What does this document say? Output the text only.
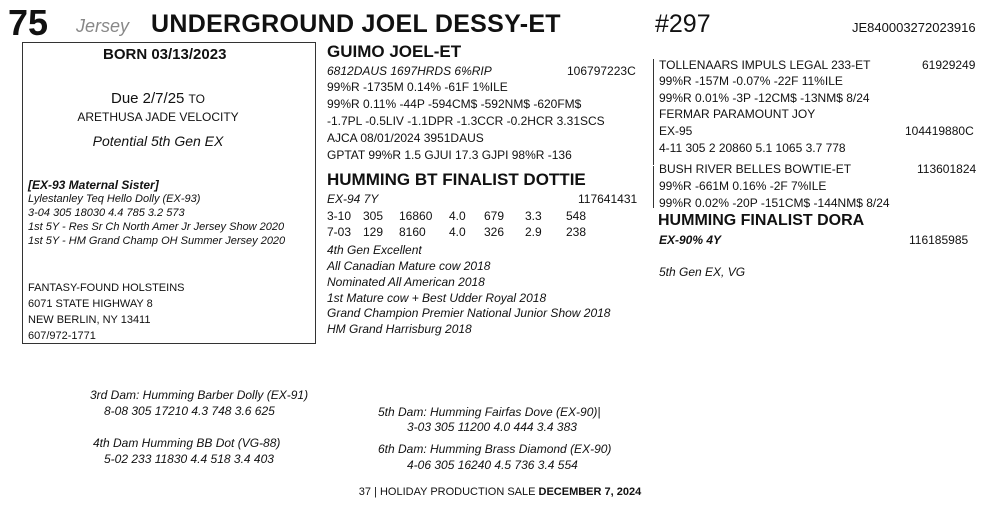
75 Jersey UNDERGROUND JOEL DESSY-ET	#297	JE840003272023916
BORN 03/13/2023
Due 2/7/25 TO
ARETHUSA JADE VELOCITY
Potential 5th Gen EX
[EX-93 Maternal Sister]
Lylestanley Teq Hello Dolly (EX-93)
3-04 305 18030 4.4 785 3.2 573
1st 5Y - Res Sr Ch North Amer Jr Jersey Show 2020
1st 5Y - HM Grand Champ OH Summer Jersey 2020
FANTASY-FOUND HOLSTEINS
6071 STATE HIGHWAY 8
NEW BERLIN, NY 13411
607/972-1771
GUIMO JOEL-ET
6812DAUS 1697HRDS 6%RIP	106797223C
99%R -1735M 0.14% -61F 1%ILE
99%R 0.11% -44P -594CM$ -592NM$ -620FM$
-1.7PL -0.5LIV -1.1DPR -1.3CCR -0.2HCR 3.31SCS
AJCA 08/01/2024 3951DAUS
GPTAT 99%R 1.5 GJUI 17.3 GJPI 98%R -136
HUMMING BT FINALIST DOTTIE
EX-94 7Y	117641431
3-10 305 16860 4.0 679 3.3 548
7-03 129 8160 4.0 326 2.9 238
4th Gen Excellent
All Canadian Mature cow 2018
Nominated All American 2018
1st Mature cow + Best Udder Royal 2018
Grand Champion Premier National Junior Show 2018
HM Grand Harrisburg 2018
TOLLENAARS IMPULS LEGAL 233-ET	61929249
99%R -157M -0.07% -22F 11%ILE
99%R 0.01% -3P -12CM$ -13NM$ 8/24
FERMAR PARAMOUNT JOY
EX-95	104419880C
4-11 305 2 20860 5.1 1065 3.7 778
BUSH RIVER BELLES BOWTIE-ET	113601824
99%R -661M 0.16% -2F 7%ILE
99%R 0.02% -20P -151CM$ -144NM$ 8/24
HUMMING FINALIST DORA
EX-90% 4Y	116185985
5th Gen EX, VG
3rd Dam: Humming Barber Dolly (EX-91)
8-08 305 17210 4.3 748 3.6 625
4th Dam Humming BB Dot (VG-88)
5-02 233 11830 4.4 518 3.4 403
5th Dam: Humming Fairfas Dove (EX-90)|
3-03 305 11200 4.0 444 3.4 383
6th Dam: Humming Brass Diamond (EX-90)
4-06 305 16240 4.5 736 3.4 554
37 | HOLIDAY PRODUCTION SALE DECEMBER 7, 2024
